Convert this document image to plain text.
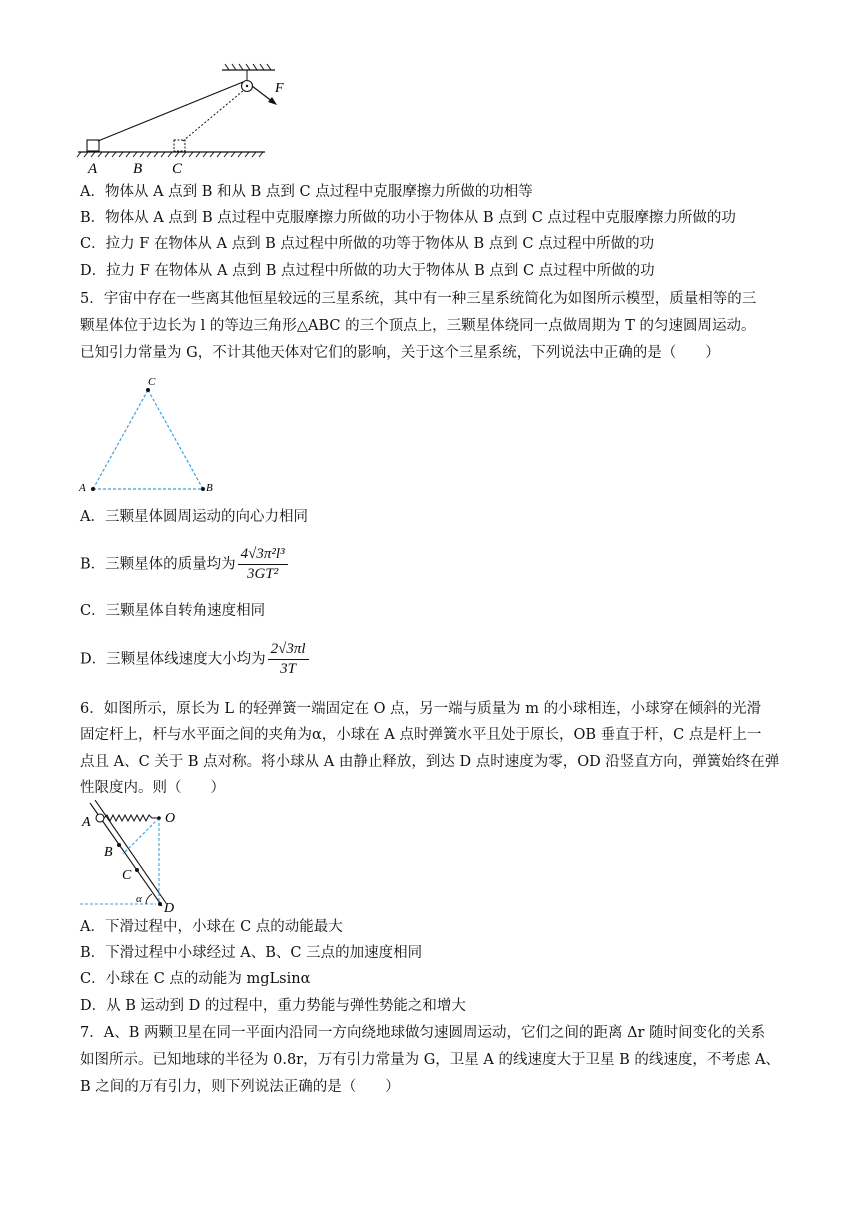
F
A B C
A．物体从 A 点到 B 和从 B 点到 C 点过程中克服摩擦力所做的功相等
B．物体从 A 点到 B 点过程中克服摩擦力所做的功小于物体从 B 点到 C 点过程中克服摩擦力所做的功
C．拉力 F 在物体从 A 点到 B 点过程中所做的功等于物体从 B 点到 C 点过程中所做的功
D．拉力 F 在物体从 A 点到 B 点过程中所做的功大于物体从 B 点到 C 点过程中所做的功
5．宇宙中存在一些离其他恒星较远的三星系统，其中有一种三星系统简化为如图所示模型，质量相等的三
颗星体位于边长为 l 的等边三角形△ABC 的三个顶点上，三颗星体绕同一点做周期为 T 的匀速圆周运动。
已知引力常量为 G，不计其他天体对它们的影响，关于这个三星系统，下列说法中正确的是（　　）
A
C
B
A．三颗星体圆周运动的向心力相同
B．三颗星体的质量均为 $\frac{\text{4√3π²l³}}{\text{3GT²}}$
C．三颗星体自转角速度相同
D．三颗星体线速度大小均为 $\frac{2√3\pi l}{3T}$
6．如图所示，原长为 L 的轻弹簧一端固定在 O 点，另一端与质量为 m 的小球相连，小球穿在倾斜的光滑
固定杆上，杆与水平面之间的夹角为α，小球在 A 点时弹簧水平且处于原长，OB 垂直于杆，C 点是杆上一
点且 A、C 关于 B 点对称。将小球从 A 由静止释放，到达 D 点时速度为零，OD 沿竖直方向，弹簧始终在弹
性限度内。则（　　）
A	O
B
C
D
α
A．下滑过程中，小球在 C 点的动能最大
B．下滑过程中小球经过 A、B、C 三点的加速度相同
C．小球在 C 点的动能为 mgLsinα
D．从 B 运动到 D 的过程中，重力势能与弹性势能之和增大
7．A、B 两颗卫星在同一平面内沿同一方向绕地球做匀速圆周运动，它们之间的距离 Δr 随时间变化的关系
如图所示。已知地球的半径为 0.8r，万有引力常量为 G，卫星 A 的线速度大于卫星 B 的线速度，不考虑 A、
B 之间的万有引力，则下列说法正确的是（　　）
